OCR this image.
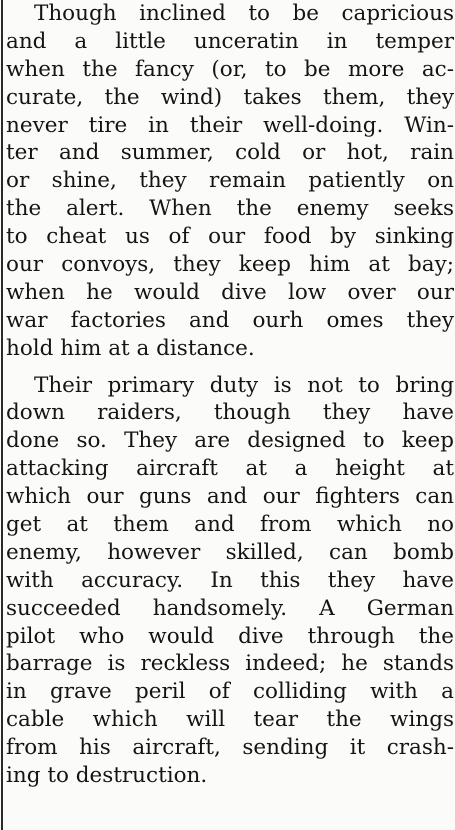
Though inclined to be capricious
and a little unceratin in temper
when the fancy (or, to be more ac-
curate, the wind) takes them, they
never tire in their well-doing. Win-
ter and summer, cold or hot, rain
or shine, they remain patiently on
the alert. When the enemy seeks
to cheat us of our food by sinking
our convoys, they keep him at bay;
when he would dive low over our
war factories and ourh omes they
hold him at a distance.
Their primary duty is not to bring
down raiders, though they have
done so. They are designed to keep
attacking aircraft at a height at
which our guns and our fighters can
get at them and from which no
enemy, however skilled, can bomb
with accuracy. In this they have
succeeded handsomely. A German
pilot who would dive through the
barrage is reckless indeed; he stands
in grave peril of colliding with a
cable which will tear the wings
from his aircraft, sending it crash-
ing to destruction.
